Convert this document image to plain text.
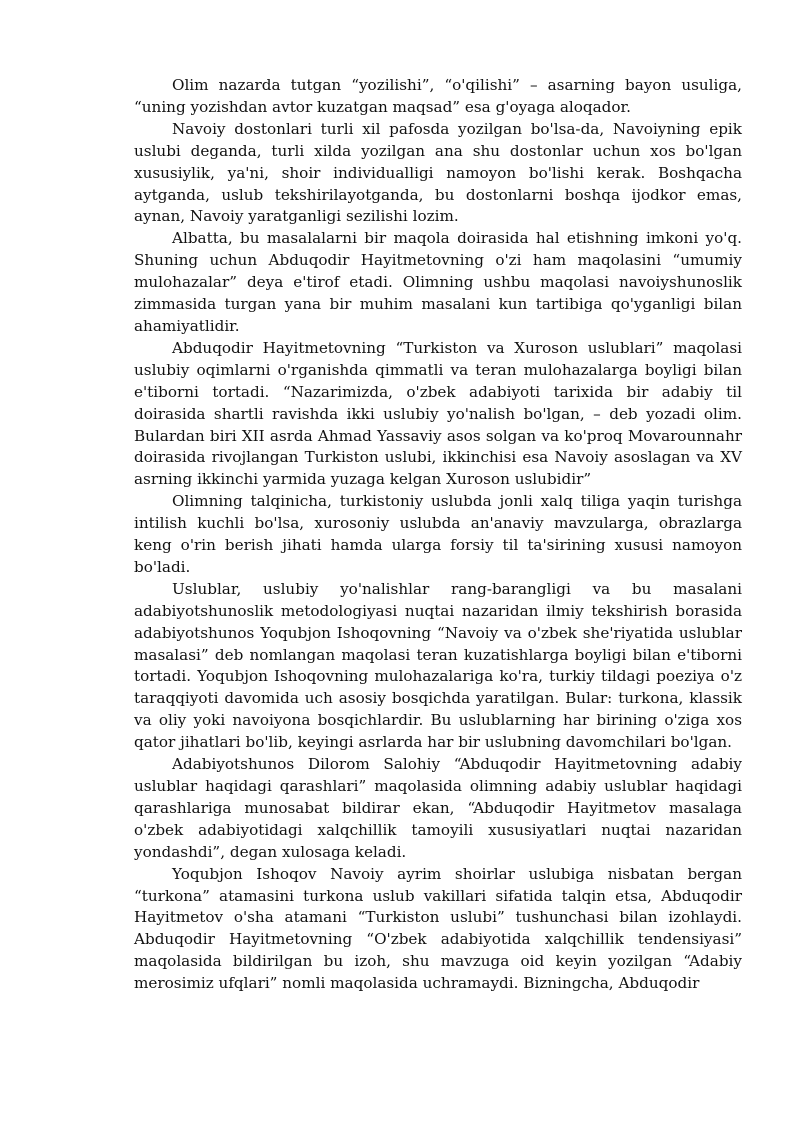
Olim nazarda tutgan “yozilishi”, “o'qilishi” – asarning bayon usuliga, “uning yozishdan avtor kuzatgan maqsad” esa g'oyaga aloqador.

Navoiy dostonlari turli xil pafosda yozilgan bo'lsa-da, Navoiyning epik uslubi deganda, turli xilda yozilgan ana shu dostonlar uchun xos bo'lgan xususiylik, ya'ni, shoir individualligi namoyon bo'lishi kerak. Boshqacha aytganda, uslub tekshirilayotganda, bu dostonlarni boshqa ijodkor emas, aynan, Navoiy yaratganligi sezilishi lozim.

Albatta, bu masalalarni bir maqola doirasida hal etishning imkoni yo'q. Shuning uchun Abduqodir Hayitmetovning o'zi ham maqolasini “umumiy mulohazalar” deya e'tirof etadi. Olimning ushbu maqolasi navoiyshunoslik zimmasida turgan yana bir muhim masalani kun tartibiga qo'yganligi bilan ahamiyatlidir.

Abduqodir Hayitmetovning “Turkiston va Xuroson uslublari” maqolasi uslubiy oqimlarni o'rganishda qimmatli va teran mulohazalarga boyligi bilan e'tiborni tortadi. “Nazarimizda, o'zbek adabiyoti tarixida bir adabiy til doirasida shartli ravishda ikki uslubiy yo'nalish bo'lgan, – deb yozadi olim. Bulardan biri XII asrda Ahmad Yassaviy asos solgan va ko'proq Movarounnahr doirasida rivojlangan Turkiston uslubi, ikkinchisi esa Navoiy asoslagan va XV asrning ikkinchi yarmida yuzaga kelgan Xuroson uslubidir”

Olimning talqinicha, turkistoniy uslubda jonli xalq tiliga yaqin turishga intilish kuchli bo'lsa, xurosoniy uslubda an'anaviy mavzularga, obrazlarga keng o'rin berish jihati hamda ularga forsiy til ta'sirining xususi namoyon bo'ladi.

Uslublar, uslubiy yo'nalishlar rang-barangligi va bu masalani adabiyotshunoslik metodologiyasi nuqtai nazaridan ilmiy tekshirish borasida adabiyotshunos Yoqubjon Ishoqovning “Navoiy va o'zbek she'riyatida uslublar masalasi” deb nomlangan maqolasi teran kuzatishlarga boyligi bilan e'tiborni tortadi. Yoqubjon Ishoqovning mulohazalariga ko'ra, turkiy tildagi poeziya o'z taraqqiyoti davomida uch asosiy bosqichda yaratilgan. Bular: turkona, klassik va oliy yoki navoiyona bosqichlardir. Bu uslublarning har birining o'ziga xos qator jihatlari bo'lib, keyingi asrlarda har bir uslubning davomchilari bo'lgan.

Adabiyotshunos Dilorom Salohiy “Abduqodir Hayitmetovning adabiy uslublar haqidagi qarashlari” maqolasida olimning adabiy uslublar haqidagi qarashlariga munosabat bildirar ekan, “Abduqodir Hayitmetov masalaga o'zbek adabiyotidagi xalqchillik tamoyili xususiyatlari nuqtai nazaridan yondashdi”, degan xulosaga keladi.

Yoqubjon Ishoqov Navoiy ayrim shoirlar uslubiga nisbatan bergan “turkona” atamasini turkona uslub vakillari sifatida talqin etsa, Abduqodir Hayitmetov o'sha atamani “Turkiston uslubi” tushunchasi bilan izohlaydi. Abduqodir Hayitmetovning “O'zbek adabiyotida xalqchillik tendensiyasi” maqolasida bildirilgan bu izoh, shu mavzuga oid keyin yozilgan “Adabiy merosimiz ufqlari” nomli maqolasida uchramaydi. Bizningcha, Abduqodir
